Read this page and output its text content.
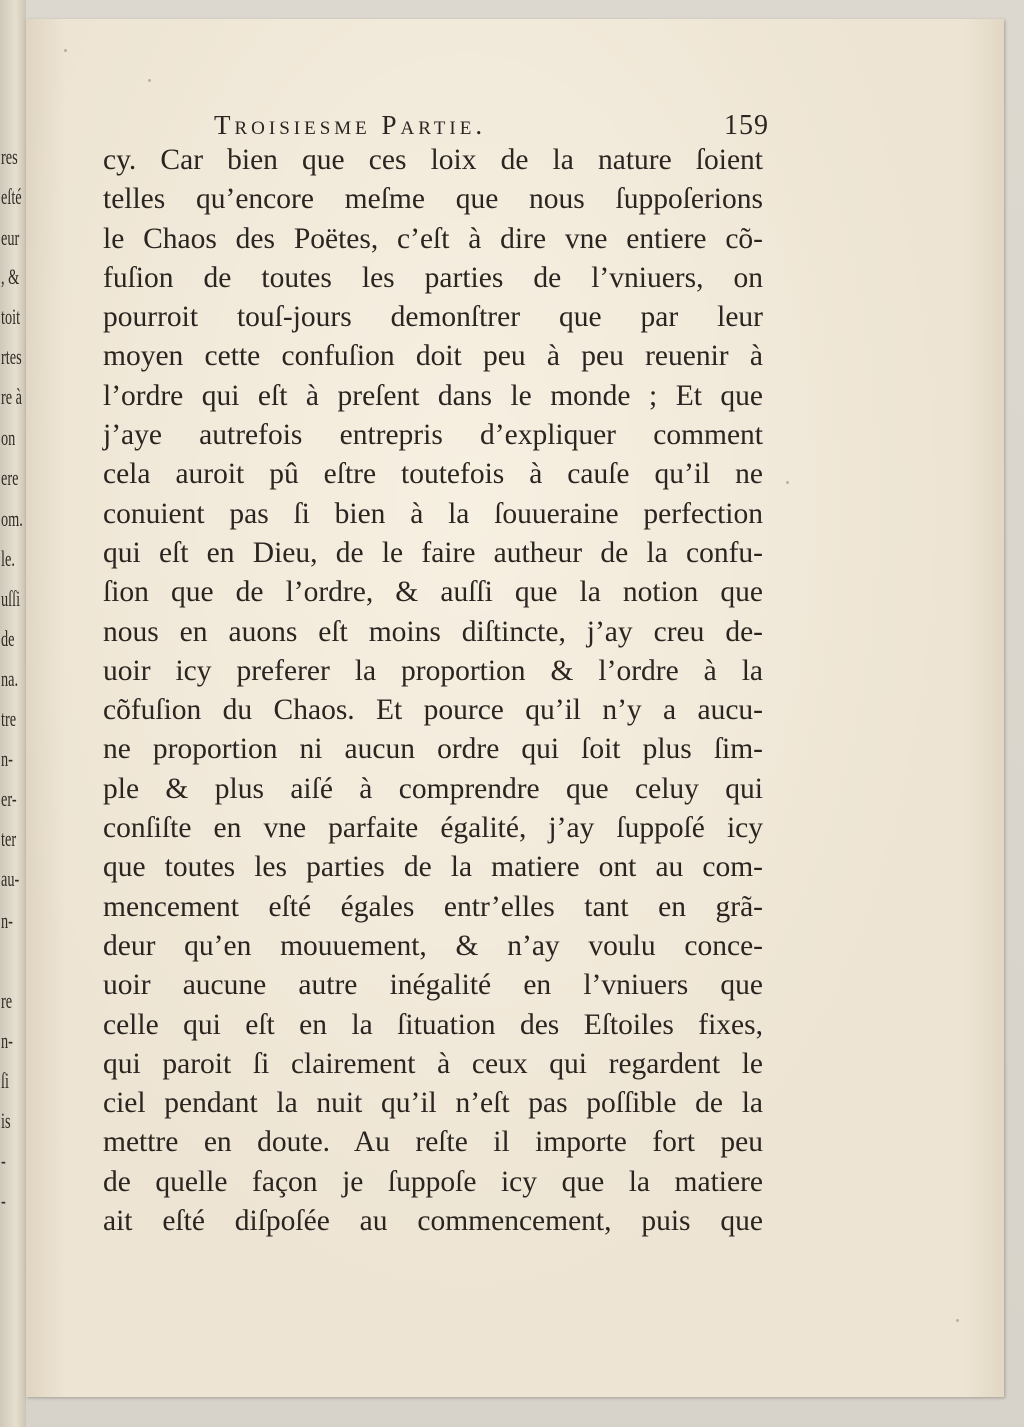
res
eſté
eur
, &
toit
rtes
re à
on
ere
om.
le.
uſſi
de
na.
tre
n-
er-
ter
au-
n-
re
n-
ſi
is
-
-
Troisiesme Partie.	159
cy. Car bien que ces loix de la nature ſoient
telles qu’encore meſme que nous ſuppoſerions
le Chaos des Poëtes, c’eſt à dire vne entiere cõ-
fuſion de toutes les parties de l’vniuers, on
pourroit touſ-jours demonſtrer que par leur
moyen cette confuſion doit peu à peu reuenir à
l’ordre qui eſt à preſent dans le monde ; Et que
j’aye autrefois entrepris d’expliquer comment
cela auroit pû eſtre toutefois à cauſe qu’il ne
conuient pas ſi bien à la ſouueraine perfection
qui eſt en Dieu, de le faire autheur de la confu-
ſion que de l’ordre, & auſſi que la notion que
nous en auons eſt moins diſtincte, j’ay creu de-
uoir icy preferer la proportion & l’ordre à la
cõfuſion du Chaos. Et pource qu’il n’y a aucu-
ne proportion ni aucun ordre qui ſoit plus ſim-
ple & plus aiſé à comprendre que celuy qui
conſiſte en vne parfaite égalité, j’ay ſuppoſé icy
que toutes les parties de la matiere ont au com-
mencement eſté égales entr’elles tant en grã-
deur qu’en mouuement, & n’ay voulu conce-
uoir aucune autre inégalité en l’vniuers que
celle qui eſt en la ſituation des Eſtoiles fixes,
qui paroit ſi clairement à ceux qui regardent le
ciel pendant la nuit qu’il n’eſt pas poſſible de la
mettre en doute. Au reſte il importe fort peu
de quelle façon je ſuppoſe icy que la matiere
ait eſté diſpoſée au commencement, puis que
